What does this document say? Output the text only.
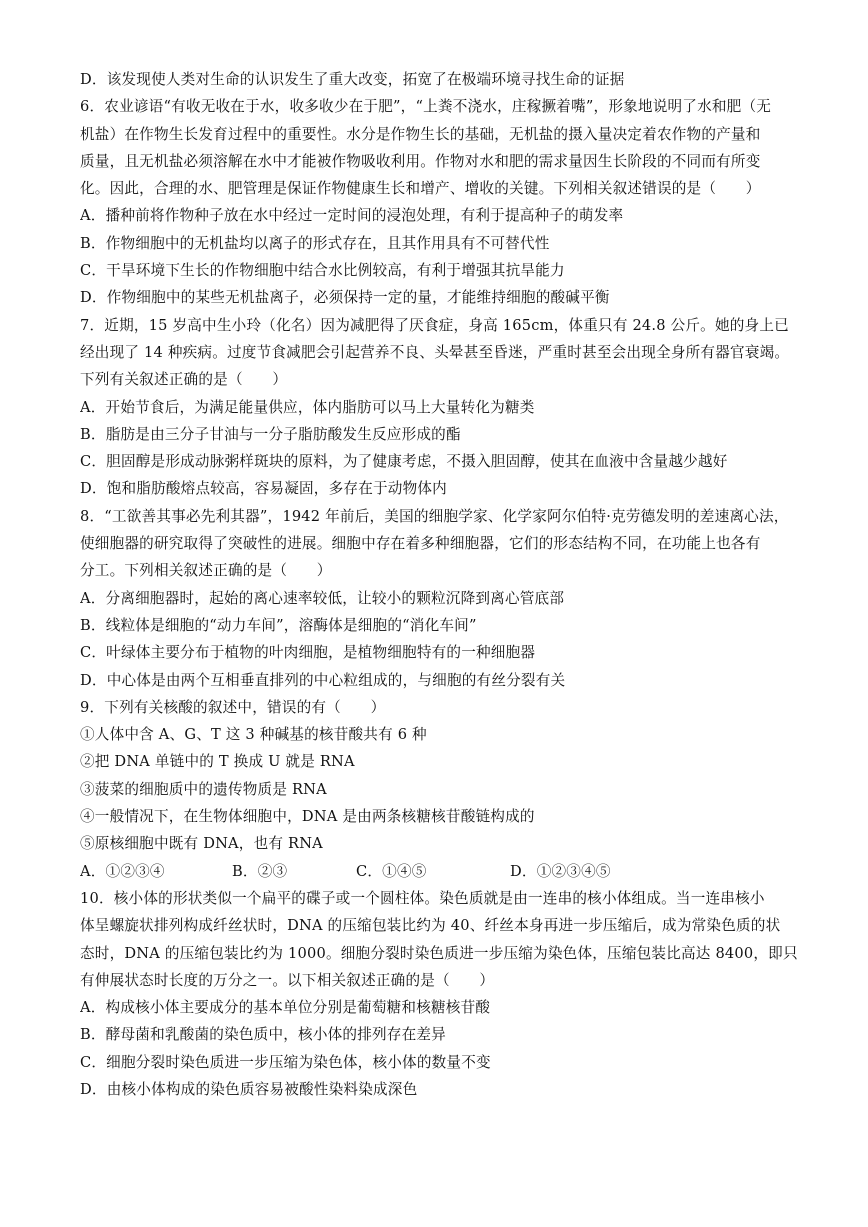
D．该发现使人类对生命的认识发生了重大改变，拓宽了在极端环境寻找生命的证据
6．农业谚语“有收无收在于水，收多收少在于肥”，“上粪不浇水，庄稼撅着嘴”，形象地说明了水和肥（无
机盐）在作物生长发育过程中的重要性。水分是作物生长的基础，无机盐的摄入量决定着农作物的产量和
质量，且无机盐必须溶解在水中才能被作物吸收利用。作物对水和肥的需求量因生长阶段的不同而有所变
化。因此，合理的水、肥管理是保证作物健康生长和增产、增收的关键。下列相关叙述错误的是（　　）
A．播种前将作物种子放在水中经过一定时间的浸泡处理，有利于提高种子的萌发率
B．作物细胞中的无机盐均以离子的形式存在，且其作用具有不可替代性
C．干旱环境下生长的作物细胞中结合水比例较高，有利于增强其抗旱能力
D．作物细胞中的某些无机盐离子，必须保持一定的量，才能维持细胞的酸碱平衡
7．近期，15 岁高中生小玲（化名）因为减肥得了厌食症，身高 165cm，体重只有 24.8 公斤。她的身上已
经出现了 14 种疾病。过度节食减肥会引起营养不良、头晕甚至昏迷，严重时甚至会出现全身所有器官衰竭。
下列有关叙述正确的是（　　）
A．开始节食后，为满足能量供应，体内脂肪可以马上大量转化为糖类
B．脂肪是由三分子甘油与一分子脂肪酸发生反应形成的酯
C．胆固醇是形成动脉粥样斑块的原料，为了健康考虑，不摄入胆固醇，使其在血液中含量越少越好
D．饱和脂肪酸熔点较高，容易凝固，多存在于动物体内
8．“工欲善其事必先利其器”，1942 年前后，美国的细胞学家、化学家阿尔伯特·克劳德发明的差速离心法，
使细胞器的研究取得了突破性的进展。细胞中存在着多种细胞器，它们的形态结构不同，在功能上也各有
分工。下列相关叙述正确的是（　　）
A．分离细胞器时，起始的离心速率较低，让较小的颗粒沉降到离心管底部
B．线粒体是细胞的“动力车间”，溶酶体是细胞的“消化车间”
C．叶绿体主要分布于植物的叶肉细胞，是植物细胞特有的一种细胞器
D．中心体是由两个互相垂直排列的中心粒组成的，与细胞的有丝分裂有关
9．下列有关核酸的叙述中，错误的有（　　）
①人体中含 A、G、T 这 3 种碱基的核苷酸共有 6 种
②把 DNA 单链中的 T 换成 U 就是 RNA
③菠菜的细胞质中的遗传物质是 RNA
④一般情况下，在生物体细胞中，DNA 是由两条核糖核苷酸链构成的
⑤原核细胞中既有 DNA，也有 RNA
A．①②③④	B．②③	C．①④⑤	D．①②③④⑤
10．核小体的形状类似一个扁平的碟子或一个圆柱体。染色质就是由一连串的核小体组成。当一连串核小
体呈螺旋状排列构成纤丝状时，DNA 的压缩包装比约为 40、纤丝本身再进一步压缩后，成为常染色质的状
态时，DNA 的压缩包装比约为 1000。细胞分裂时染色质进一步压缩为染色体，压缩包装比高达 8400，即只
有伸展状态时长度的万分之一。以下相关叙述正确的是（　　）
A．构成核小体主要成分的基本单位分别是葡萄糖和核糖核苷酸
B．酵母菌和乳酸菌的染色质中，核小体的排列存在差异
C．细胞分裂时染色质进一步压缩为染色体，核小体的数量不变
D．由核小体构成的染色质容易被酸性染料染成深色
